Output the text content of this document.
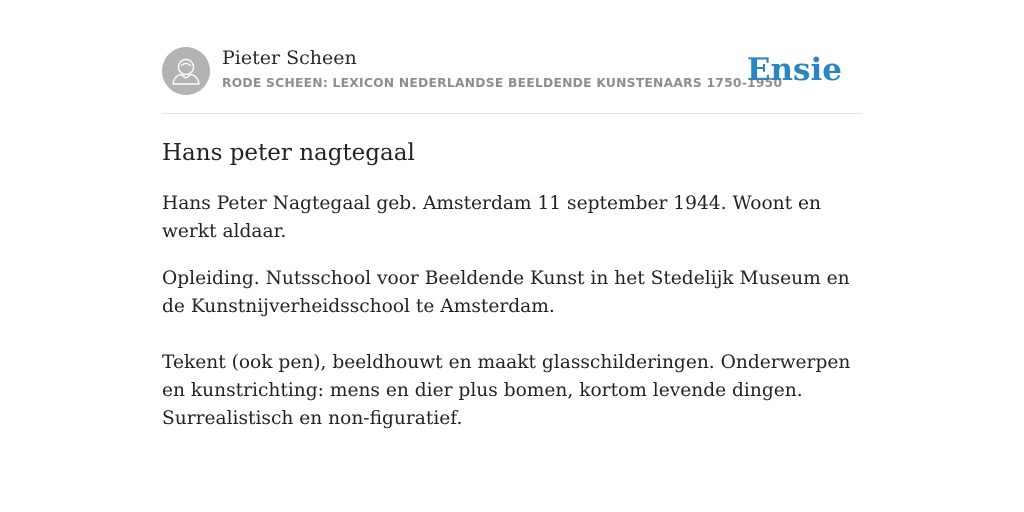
Pieter Scheen
RODE SCHEEN: LEXICON NEDERLANDSE BEELDENDE KUNSTENAARS 1750-1950
Ensie
Hans peter nagtegaal

Hans Peter Nagtegaal geb. Amsterdam 11 september 1944. Woont en werkt aldaar.

Opleiding. Nutsschool voor Beeldende Kunst in het Stedelijk Museum en de Kunstnijverheidsschool te Amsterdam.

Tekent (ook pen), beeldhouwt en maakt glasschilderingen. Onderwerpen en kunstrichting: mens en dier plus bomen, kortom levende dingen. Surrealistisch en non-figuratief.
